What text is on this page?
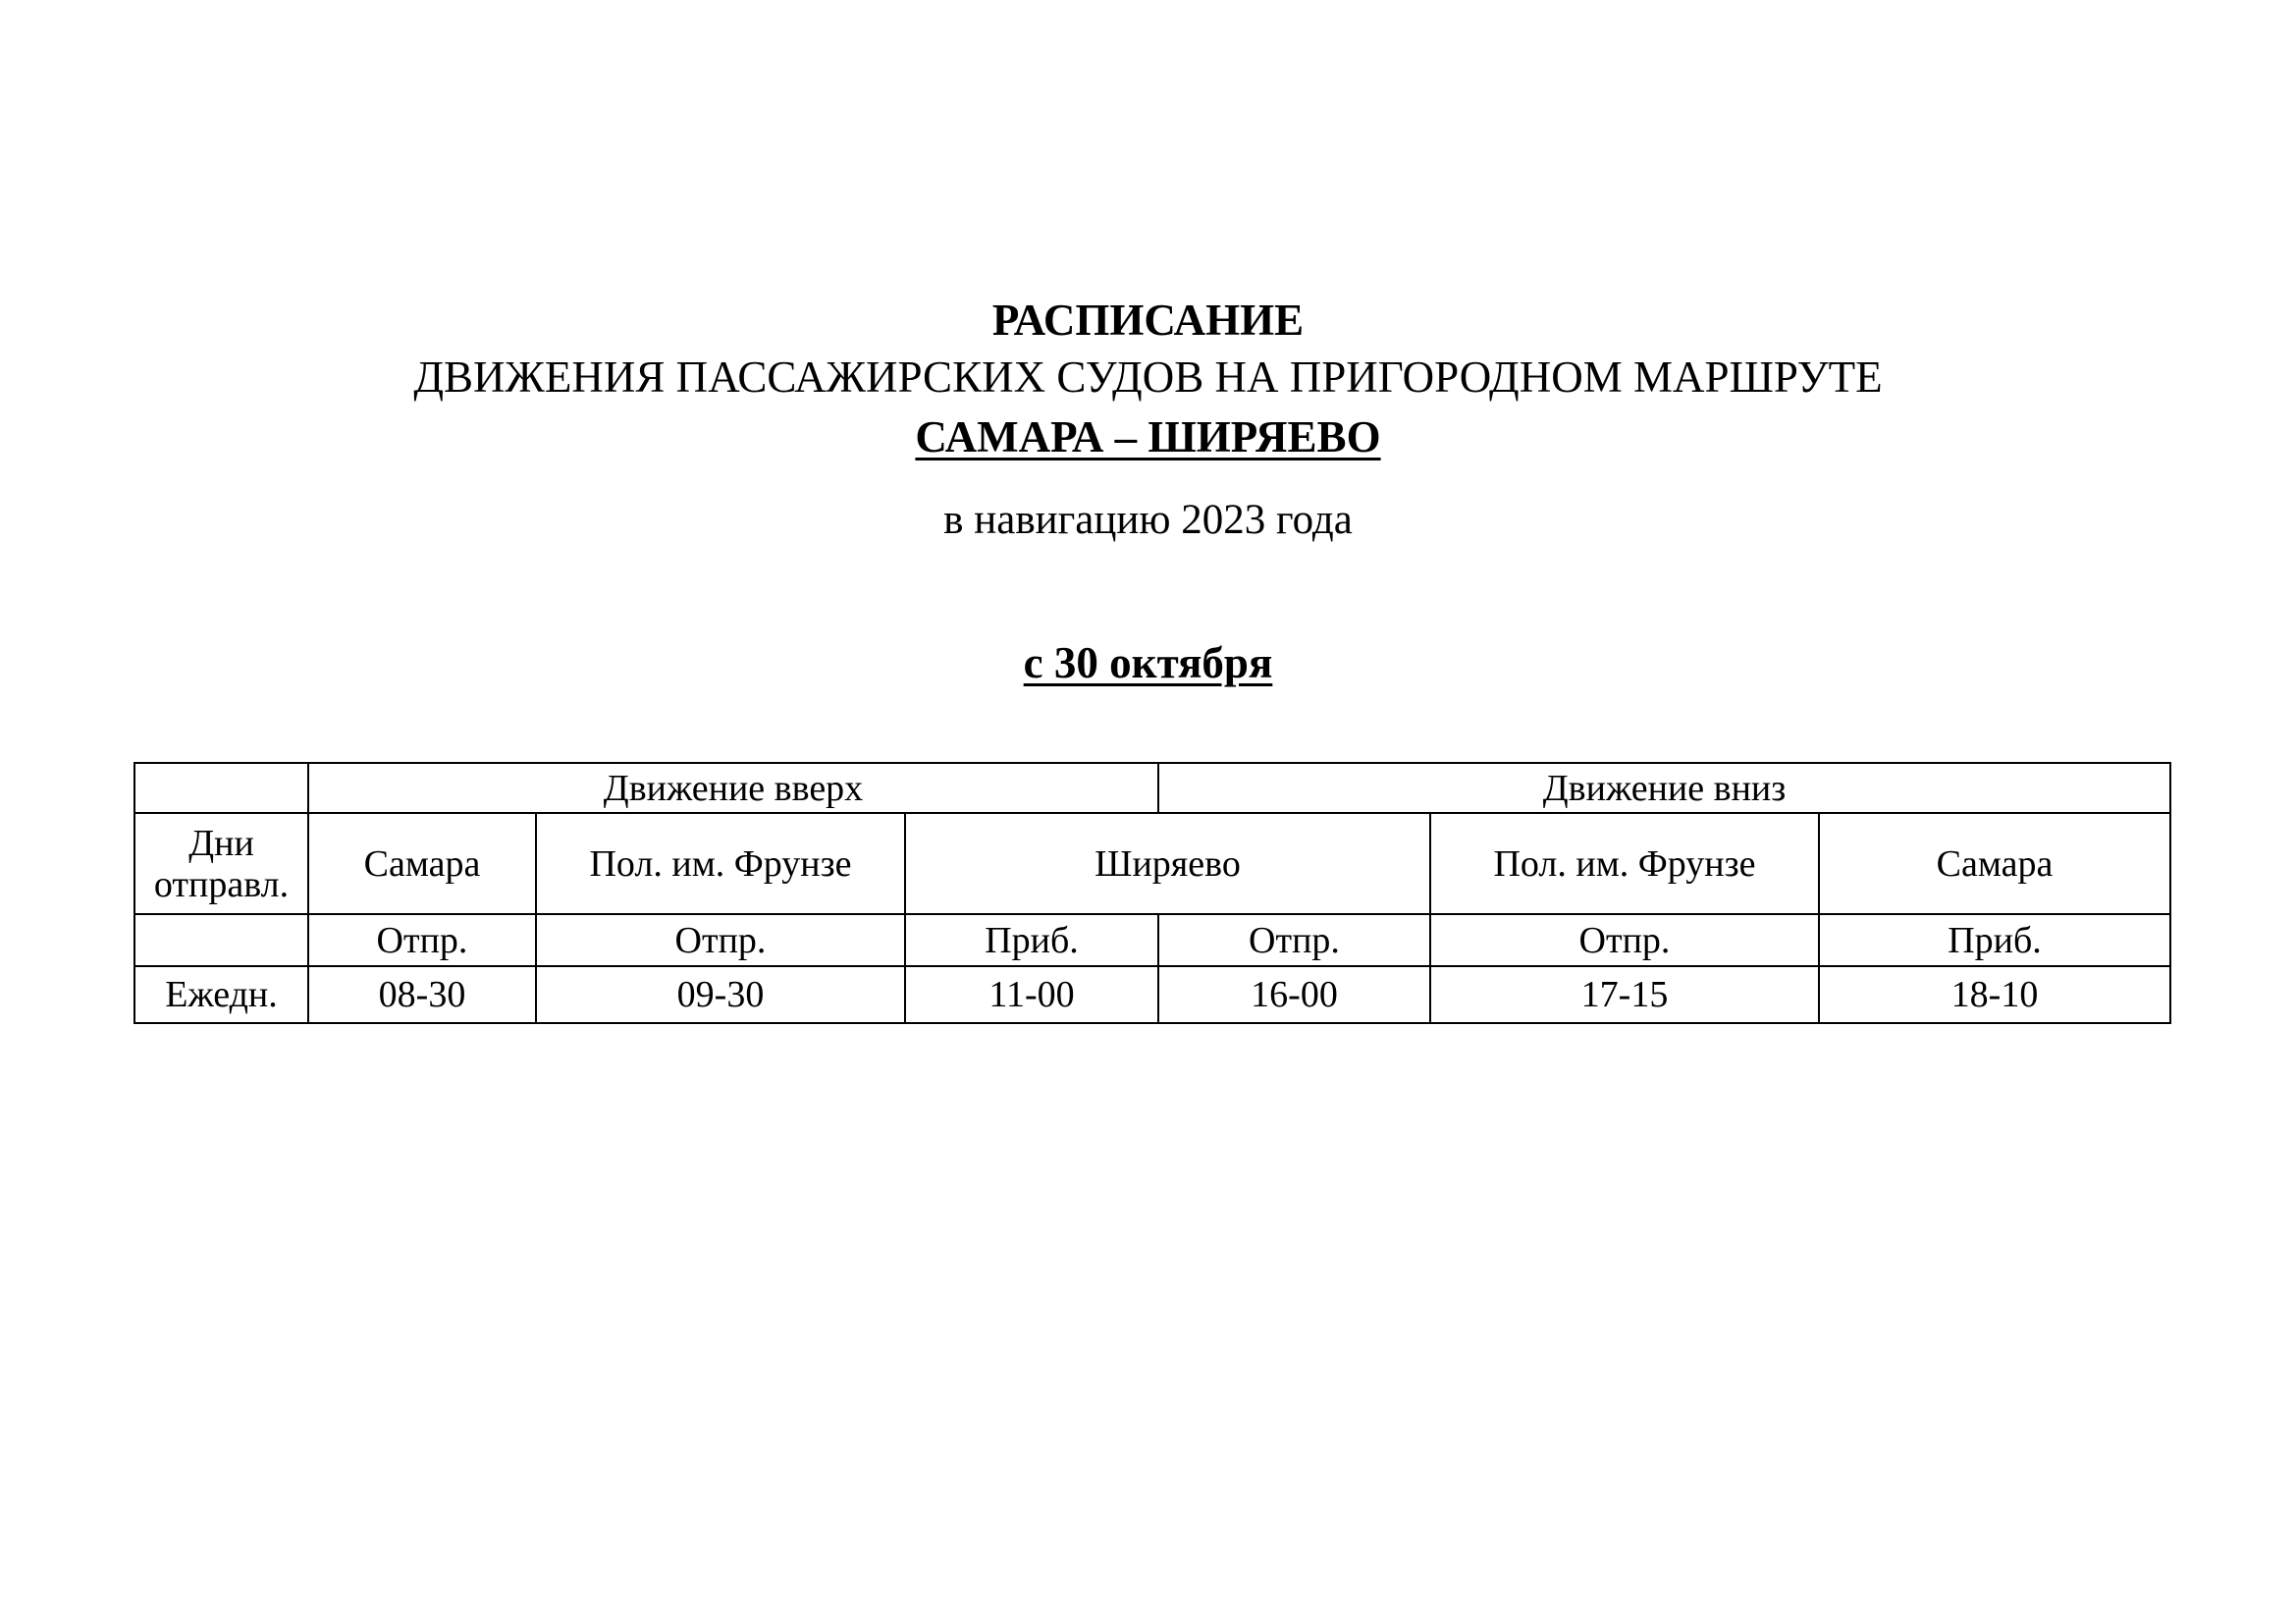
РАСПИСАНИЕ
ДВИЖЕНИЯ ПАССАЖИРСКИХ СУДОВ НА ПРИГОРОДНОМ МАРШРУТЕ
САМАРА – ШИРЯЕВО
в навигацию 2023 года
с 30 октября
	Движение вверх			Движение вниз		
Дни
отправл.	Самара	Пол. им. Фрунзе	Ширяево		Пол. им. Фрунзе	Самара
	Отпр.	Отпр.	Приб.	Отпр.	Отпр.	Приб.
Ежедн.	08-30	09-30	11-00	16-00	17-15	18-10
